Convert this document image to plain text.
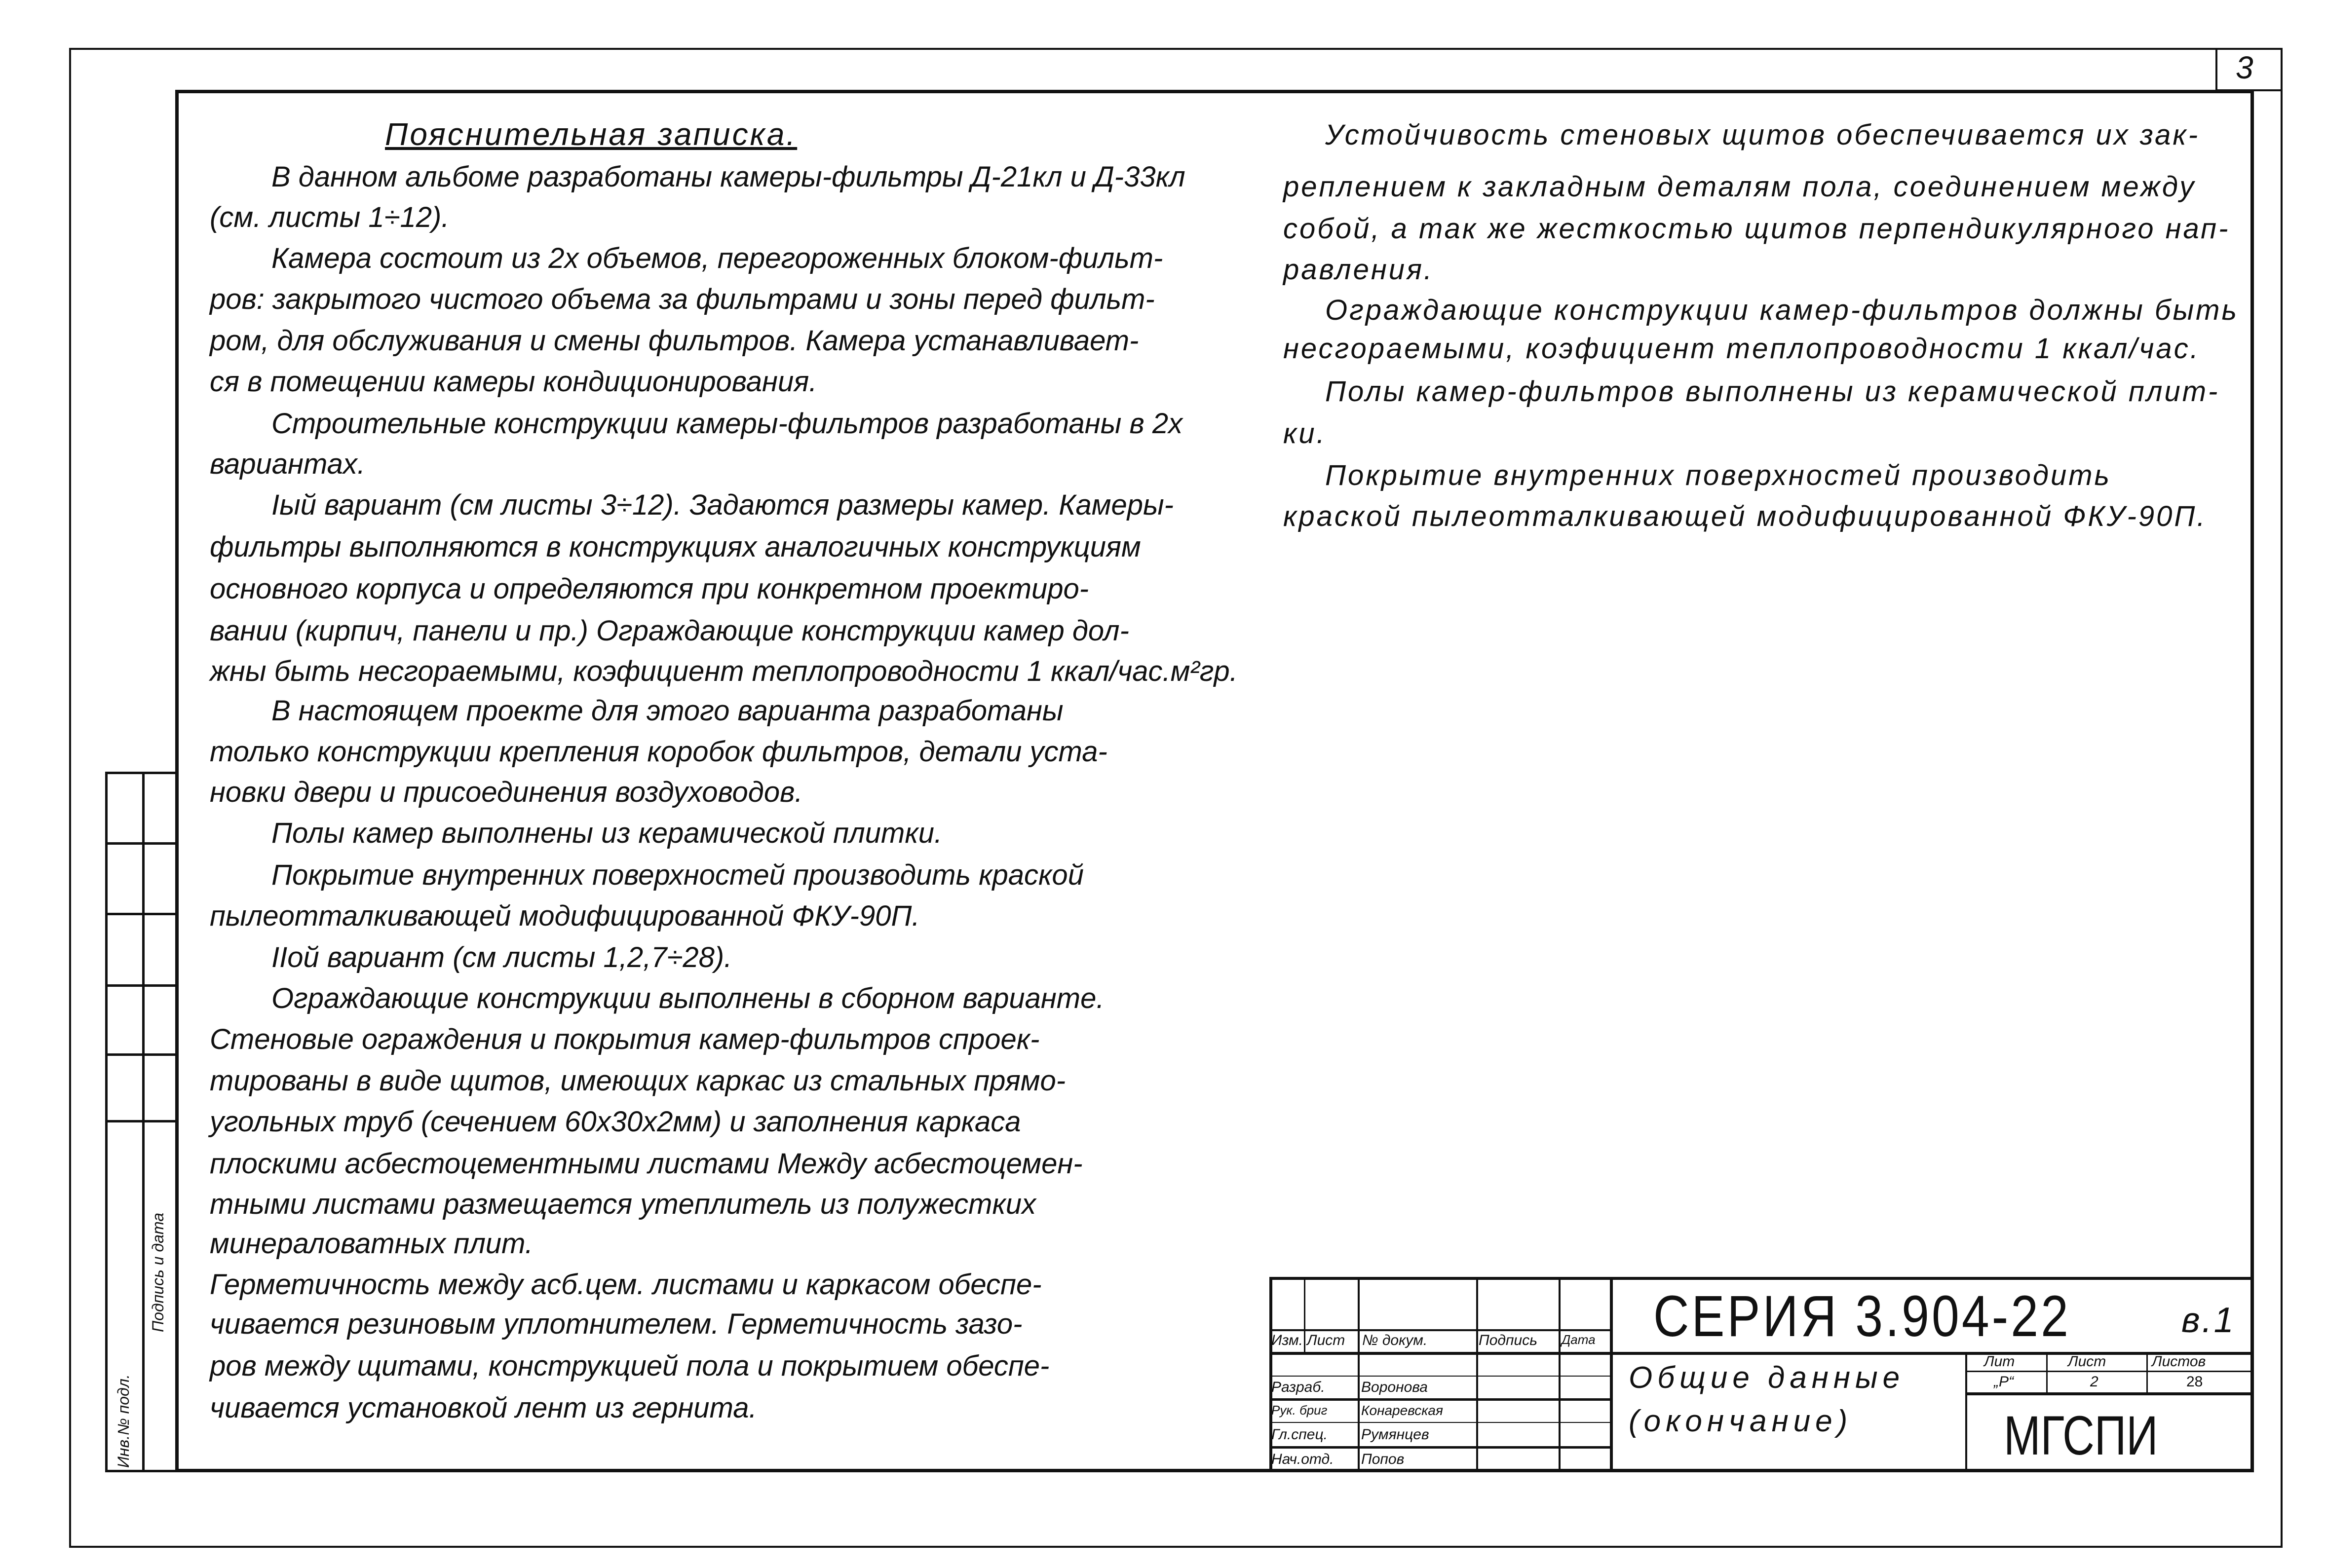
3
Инв.№ подл.
Подпись и дата
Пояснительная записка.
В данном альбоме разработаны камеры-фильтры Д-21кл и Д-33кл
(см. листы 1÷12).
Камера состоит из 2х объемов, перегороженных блоком-фильт-
ров: закрытого чистого объема за фильтрами и зоны перед фильт-
ром, для обслуживания и смены фильтров. Камера устанавливает-
ся в помещении камеры кондиционирования.
Строительные конструкции камеры-фильтров разработаны в 2х
вариантах.
Iый вариант (см листы 3÷12). Задаются размеры камер. Камеры-
фильтры выполняются в конструкциях аналогичных конструкциям
основного корпуса и определяются при конкретном проектиро-
вании (кирпич, панели и пр.) Ограждающие конструкции камер дол-
жны быть несгораемыми, коэфициент теплопроводности 1 ккал/час.м²гр.
В настоящем проекте для этого варианта разработаны
только конструкции крепления коробок фильтров, детали уста-
новки двери и присоединения воздуховодов.
Полы камер выполнены из керамической плитки.
Покрытие внутренних поверхностей производить краской
пылеотталкивающей модифицированной ФКУ-90П.
IIой вариант (см листы 1,2,7÷28).
Ограждающие конструкции выполнены в сборном варианте.
Стеновые ограждения и покрытия камер-фильтров спроек-
тированы в виде щитов, имеющих каркас из стальных прямо-
угольных труб (сечением 60х30х2мм) и заполнения каркаса
плоскими асбестоцементными листами Между асбестоцемен-
тными листами размещается утеплитель из полужестких
минераловатных плит.
Герметичность между асб.цем. листами и каркасом обеспе-
чивается резиновым уплотнителем. Герметичность зазо-
ров между щитами, конструкцией пола и покрытием обеспе-
чивается установкой лент из гернита.
Устойчивость стеновых щитов обеспечивается их зак-
реплением к закладным деталям пола, соединением между
собой, а так же жесткостью щитов перпендикулярного нап-
равления.
Ограждающие конструкции камер-фильтров должны быть
несгораемыми, коэфициент теплопроводности 1 ккал/час.
Полы камер-фильтров выполнены из керамической плит-
ки.
Покрытие внутренних поверхностей производить
краской пылеотталкивающей модифицированной ФКУ-90П.
Изм. Лист № докум.	Подпись Дата
Разраб. Воронова
Рук. бриг Конаревская
Гл.спец. Румянцев
Нач.отд. Попов
СЕРИЯ 3.904-22	в.1
Общие данные
(окончание)
Лит	Лист	Листов
„Р“	2	28
МГСПИ
